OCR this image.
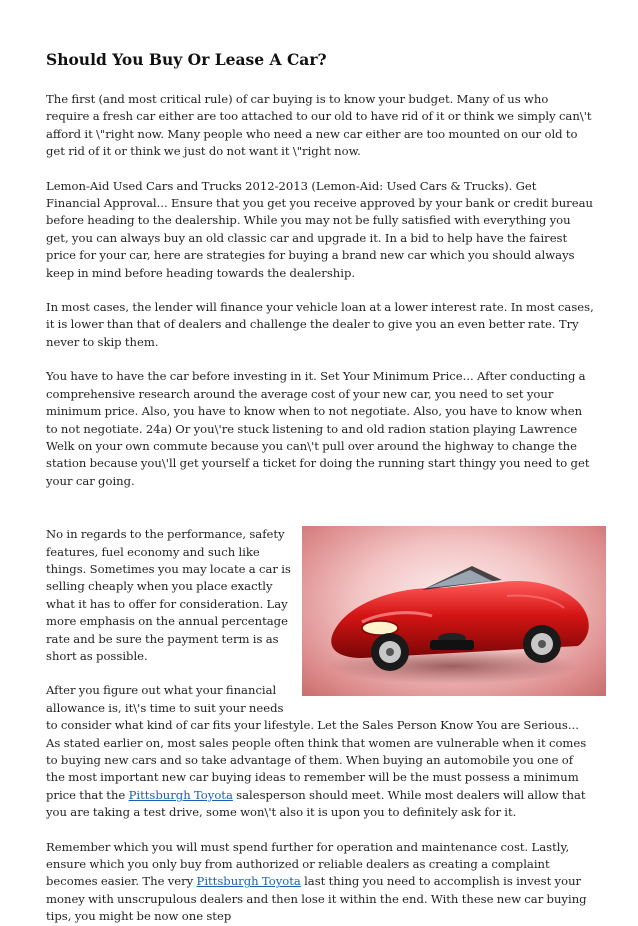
Should You Buy Or Lease A Car?

The first (and most critical rule) of car buying is to know your budget. Many of us who require a fresh car either are too attached to our old to have rid of it or think we simply can\'t afford it \"right now. Many people who need a new car either are too mounted on our old to get rid of it or think we just do not want it \"right now.

Lemon-Aid Used Cars and Trucks 2012-2013 (Lemon-Aid: Used Cars & Trucks). Get Financial Approval... Ensure that you get you receive approved by your bank or credit bureau before heading to the dealership. While you may not be fully satisfied with everything you get, you can always buy an old classic car and upgrade it. In a bid to help have the fairest price for your car, here are strategies for buying a brand new car which you should always keep in mind before heading towards the dealership.

In most cases, the lender will finance your vehicle loan at a lower interest rate. In most cases, it is lower than that of dealers and challenge the dealer to give you an even better rate. Try never to skip them.

You have to have the car before investing in it. Set Your Minimum Price... After conducting a comprehensive research around the average cost of your new car, you need to set your minimum price. Also, you have to know when to not negotiate. Also, you have to know when to not negotiate. 24a) Or you\'re stuck listening to and old radion station playing Lawrence Welk on your own commute because you can\'t pull over around the highway to change the station because you\'ll get yourself a ticket for doing the running start thingy you need to get your car going.

No in regards to the performance, safety features, fuel economy and such like things. Sometimes you may locate a car is selling cheaply when you place exactly what it has to offer for consideration. Lay more emphasis on the annual percentage rate and be sure the payment term is as short as possible.

After you figure out what your financial allowance is, it\'s time to suit your needs to consider what kind of car fits your lifestyle. Let the Sales Person Know You are Serious... As stated earlier on, most sales people often think that women are vulnerable when it comes to buying new cars and so take advantage of them. When buying an automobile you one of the most important new car buying ideas to remember will be the must possess a minimum price that the Pittsburgh Toyota salesperson should meet. While most dealers will allow that you are taking a test drive, some won\'t also it is upon you to definitely ask for it.

Remember which you will must spend further for operation and maintenance cost. Lastly, ensure which you only buy from authorized or reliable dealers as creating a complaint becomes easier. The very Pittsburgh Toyota last thing you need to accomplish is invest your money with unscrupulous dealers and then lose it within the end. With these new car buying tips, you might be now one step
